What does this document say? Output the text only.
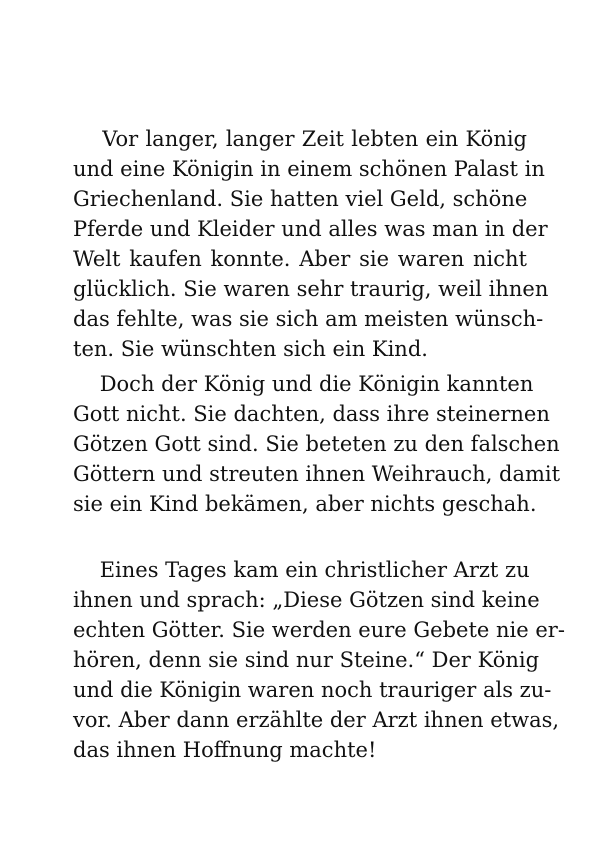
Vor langer, langer Zeit lebten ein König
und eine Königin in einem schönen Palast in
Griechenland. Sie hatten viel Geld, schöne
Pferde und Kleider und alles was man in der
Welt kaufen konnte. Aber sie waren nicht
glücklich. Sie waren sehr traurig, weil ihnen
das fehlte, was sie sich am meisten wünsch-
ten. Sie wünschten sich ein Kind.
Doch der König und die Königin kannten
Gott nicht. Sie dachten, dass ihre steinernen
Götzen Gott sind. Sie beteten zu den falschen
Göttern und streuten ihnen Weihrauch, damit
sie ein Kind bekämen, aber nichts geschah.
Eines Tages kam ein christlicher Arzt zu
ihnen und sprach: „Diese Götzen sind keine
echten Götter. Sie werden eure Gebete nie er-
hören, denn sie sind nur Steine.“ Der König
und die Königin waren noch trauriger als zu-
vor. Aber dann erzählte der Arzt ihnen etwas,
das ihnen Hoffnung machte!
